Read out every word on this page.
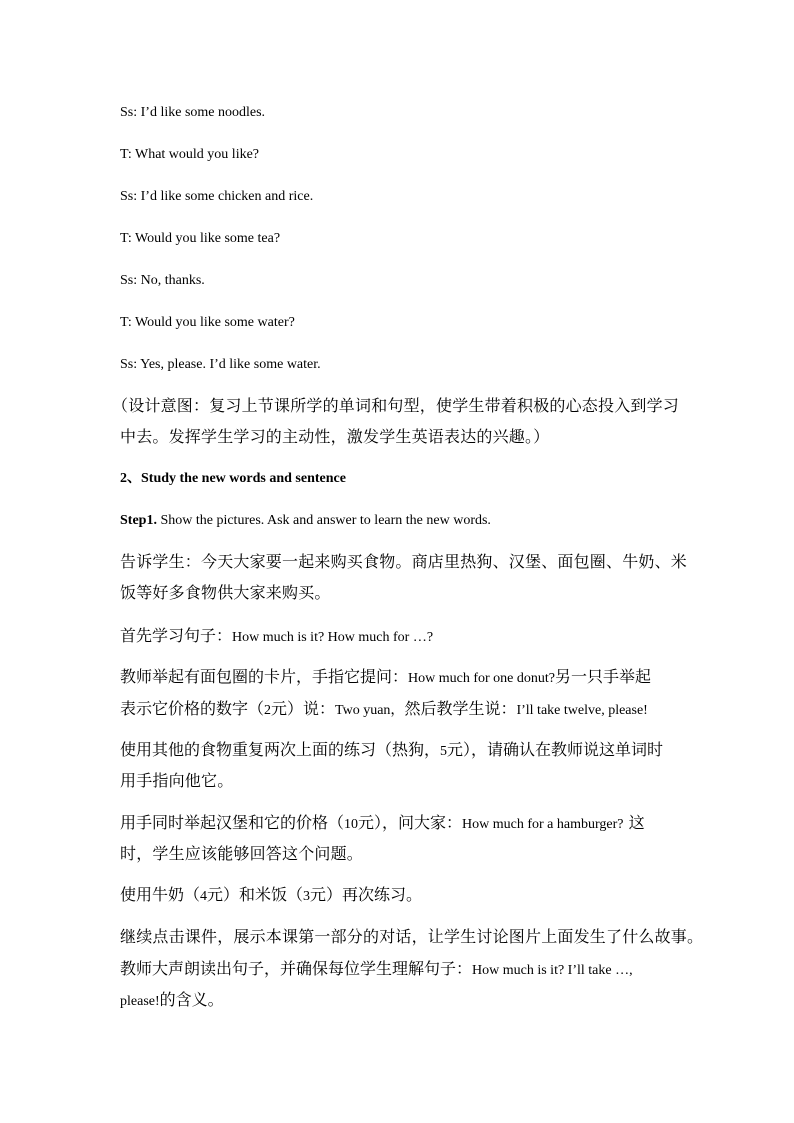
Ss: I’d like some noodles.
T: What would you like?
Ss: I’d like some chicken and rice.
T: Would you like some tea?
Ss: No, thanks.
T: Would you like some water?
Ss: Yes, please. I’d like some water.
（设计意图：复习上节课所学的单词和句型，使学生带着积极的心态投入到学习
中去。发挥学生学习的主动性，激发学生英语表达的兴趣。）
2、Study the new words and sentence
Step1. Show the pictures. Ask and answer to learn the new words.
告诉学生：今天大家要一起来购买食物。商店里热狗、汉堡、面包圈、牛奶、米
饭等好多食物供大家来购买。
首先学习句子：How much is it? How much for …?
教师举起有面包圈的卡片，手指它提问：How much for one donut?另一只手举起
表示它价格的数字（2元）说：Two yuan，然后教学生说：I’ll take twelve, please!
使用其他的食物重复两次上面的练习（热狗，5元），请确认在教师说这单词时
用手指向他它。
用手同时举起汉堡和它的价格（10元），问大家：How much for a hamburger? 这
时，学生应该能够回答这个问题。
使用牛奶（4元）和米饭（3元）再次练习。
继续点击课件，展示本课第一部分的对话，让学生讨论图片上面发生了什么故事。
教师大声朗读出句子，并确保每位学生理解句子：How much is it? I’ll take …,
please!的含义。
